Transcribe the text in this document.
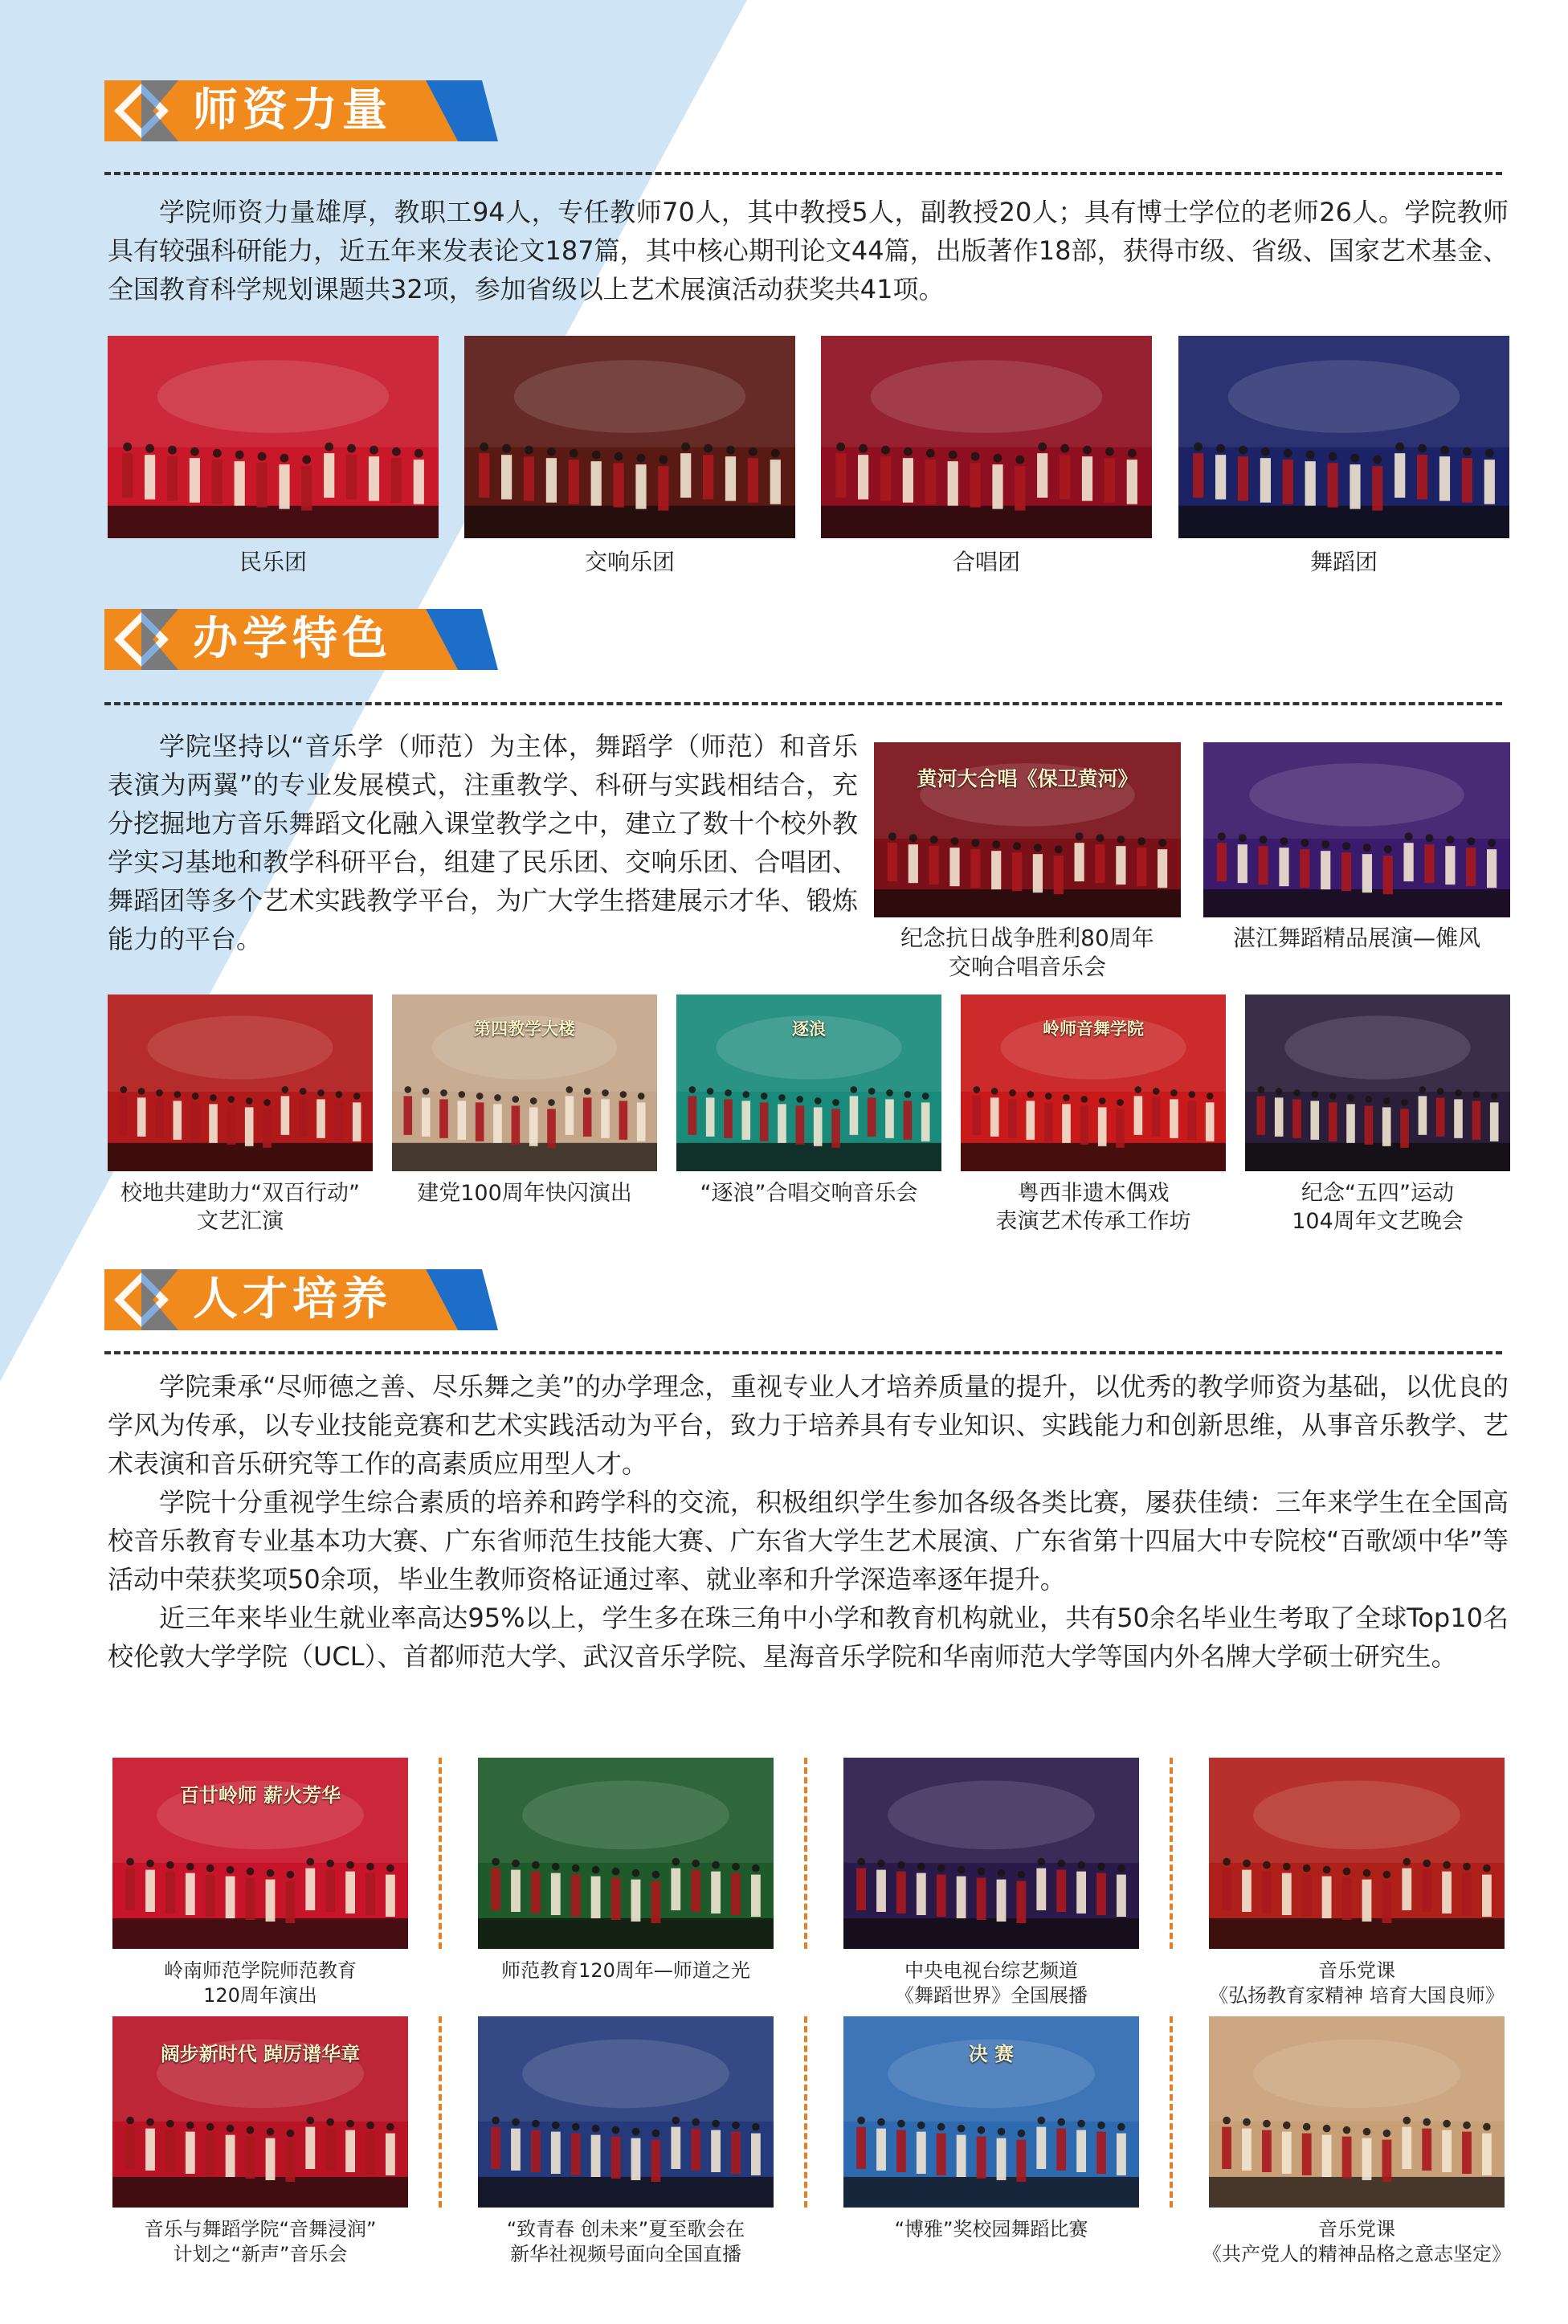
师资力量

学院师资力量雄厚，教职工94人，专任教师70人，其中教授5人，副教授20人；具有博士学位的老师26人。学院教师具有较强科研能力，近五年来发表论文187篇，其中核心期刊论文44篇，出版著作18部，获得市级、省级、国家艺术基金、全国教育科学规划课题共32项，参加省级以上艺术展演活动获奖共41项。

民乐团	交响乐团	合唱团	舞蹈团
办学特色

学院坚持以“音乐学（师范）为主体，舞蹈学（师范）和音乐表演为两翼”的专业发展模式，注重教学、科研与实践相结合，充分挖掘地方音乐舞蹈文化融入课堂教学之中，建立了数十个校外教学实习基地和教学科研平台，组建了民乐团、交响乐团、合唱团、舞蹈团等多个艺术实践教学平台，为广大学生搭建展示才华、锻炼能力的平台。

黄河大合唱《保卫黄河》
纪念抗日战争胜利80周年
交响合唱音乐会
湛江舞蹈精品展演—傩风
校地共建助力“双百行动”
文艺汇演
第四教学大楼
建党100周年快闪演出
逐浪
“逐浪”合唱交响音乐会
岭师音舞学院
粤西非遗木偶戏
表演艺术传承工作坊
纪念“五四”运动
104周年文艺晚会
人才培养

学院秉承“尽师德之善、尽乐舞之美”的办学理念，重视专业人才培养质量的提升，以优秀的教学师资为基础，以优良的学风为传承，以专业技能竞赛和艺术实践活动为平台，致力于培养具有专业知识、实践能力和创新思维，从事音乐教学、艺术表演和音乐研究等工作的高素质应用型人才。

学院十分重视学生综合素质的培养和跨学科的交流，积极组织学生参加各级各类比赛，屡获佳绩：三年来学生在全国高校音乐教育专业基本功大赛、广东省师范生技能大赛、广东省大学生艺术展演、广东省第十四届大中专院校“百歌颂中华”等活动中荣获奖项50余项，毕业生教师资格证通过率、就业率和升学深造率逐年提升。

近三年来毕业生就业率高达95%以上，学生多在珠三角中小学和教育机构就业，共有50余名毕业生考取了全球Top10名校伦敦大学学院（UCL）、首都师范大学、武汉音乐学院、星海音乐学院和华南师范大学等国内外名牌大学硕士研究生。

百廿岭师 薪火芳华
岭南师范学院师范教育
120周年演出
师范教育120周年—师道之光	中央电视台综艺频道
《舞蹈世界》全国展播
音乐党课
《弘扬教育家精神 培育大国良师》
阔步新时代 踔厉谱华章
音乐与舞蹈学院“音舞浸润”
计划之“新声”音乐会
“致青春 创未来”夏至歌会在
新华社视频号面向全国直播
决 赛
“博雅”奖校园舞蹈比赛	音乐党课
《共产党人的精神品格之意志坚定》
